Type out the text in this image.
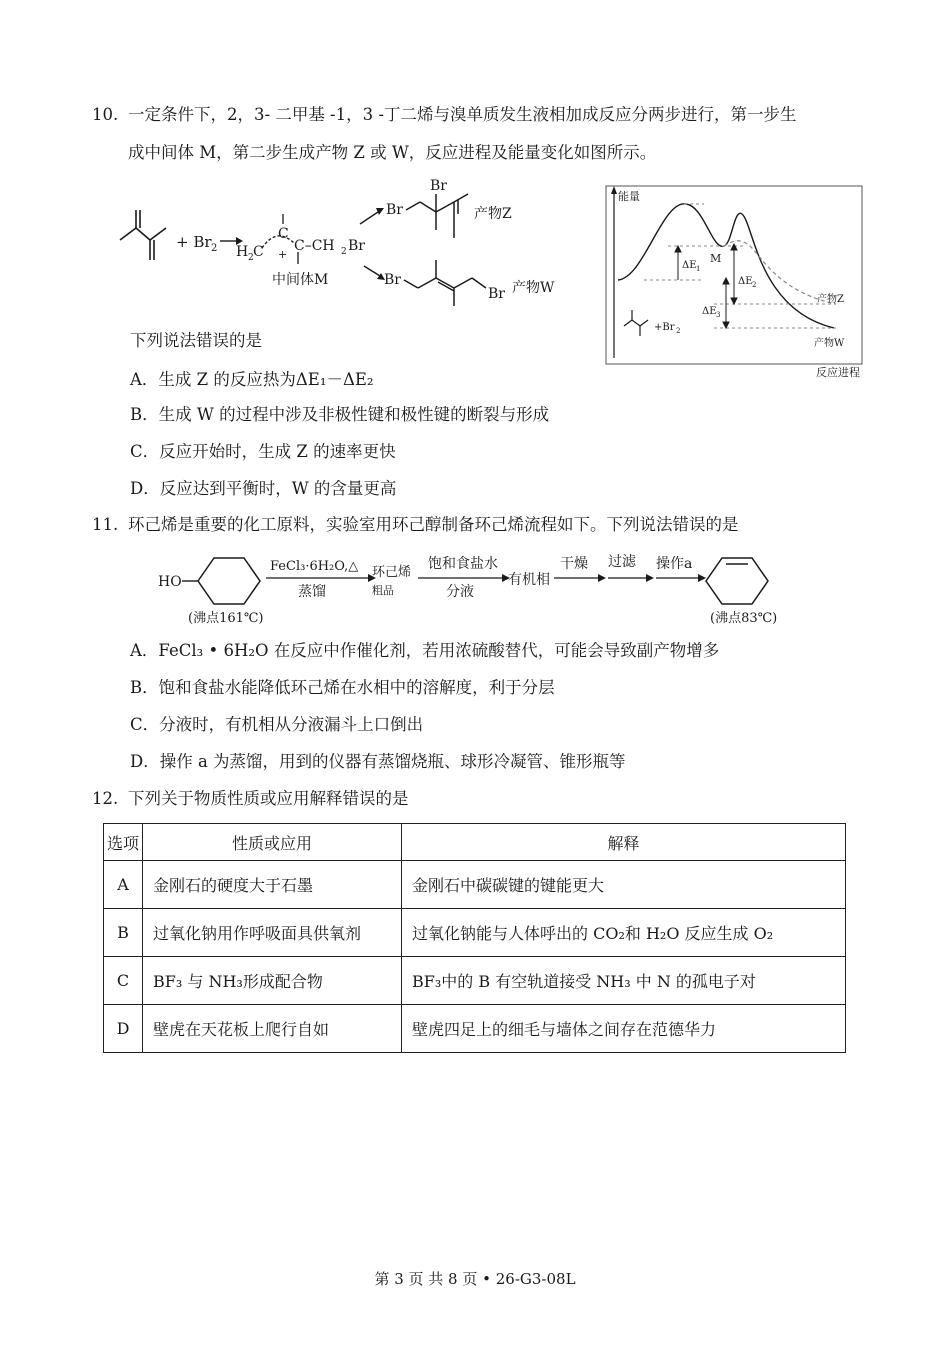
10. 一定条件下，2，3- 二甲基 -1，3 -丁二烯与溴单质发生液相加成反应分两步进行，第一步生
成中间体 M，第二步生成产物 Z 或 W，反应进程及能量变化如图所示。
+ Br 2 H 2 C
C
C–CH 2 Br
+
中间体M
Br
Br
产物Z
Br
Br 产物W
能量
反应进程
ΔE 1
M
ΔE 2
ΔE 3
产物Z
产物W
+Br 2
下列说法错误的是
A．生成 Z 的反应热为ΔE₁－ΔE₂
B．生成 W 的过程中涉及非极性键和极性键的断裂与形成
C．反应开始时，生成 Z 的速率更快
D．反应达到平衡时，W 的含量更高
11. 环己烯是重要的化工原料，实验室用环己醇制备环己烯流程如下。下列说法错误的是
HO
(沸点161℃)
FeCl₃·6H₂O,△
蒸馏
环己烯
粗品
饱和食盐水
分液
有机相
干燥 过滤 操作a
(沸点83℃)
A．FeCl₃ • 6H₂O 在反应中作催化剂，若用浓硫酸替代，可能会导致副产物增多
B．饱和食盐水能降低环己烯在水相中的溶解度，利于分层
C．分液时，有机相从分液漏斗上口倒出
D．操作 a 为蒸馏，用到的仪器有蒸馏烧瓶、球形冷凝管、锥形瓶等
12. 下列关于物质性质或应用解释错误的是
选项	性质或应用	解释
A	金刚石的硬度大于石墨	金刚石中碳碳键的键能更大
B	过氧化钠用作呼吸面具供氧剂	过氧化钠能与人体呼出的 CO₂和 H₂O 反应生成 O₂
C	BF₃ 与 NH₃形成配合物	BF₃中的 B 有空轨道接受 NH₃ 中 N 的孤电子对
D	壁虎在天花板上爬行自如	壁虎四足上的细毛与墙体之间存在范德华力
第 3 页 共 8 页 • 26-G3-08L
